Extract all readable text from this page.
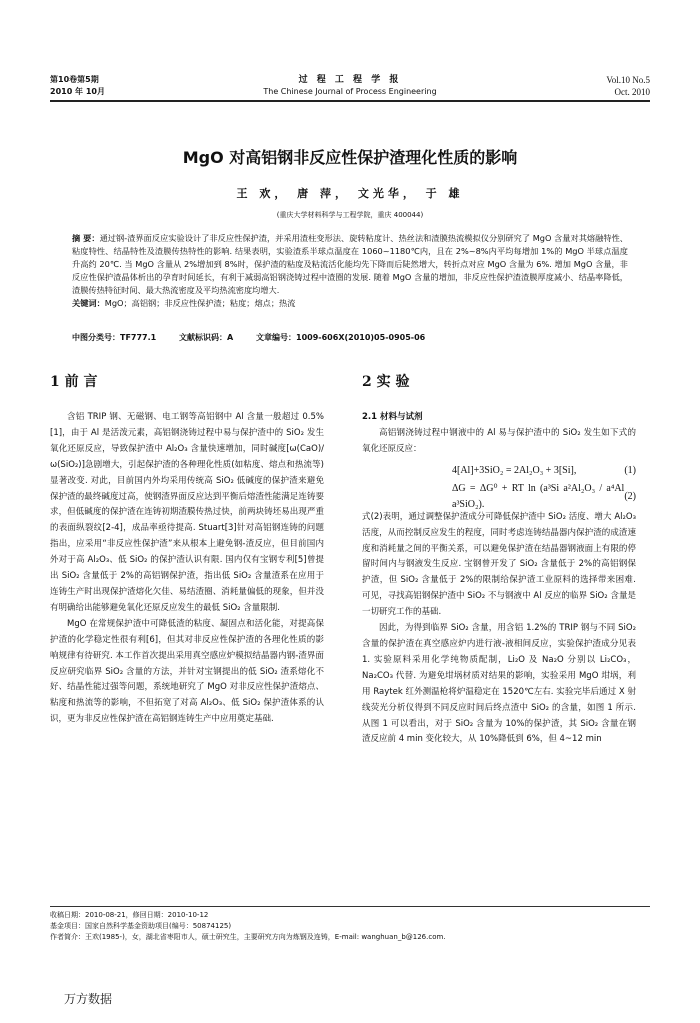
第10卷第5期
2010 年 10月
过 程 工 程 学 报
The Chinese Journal of Process Engineering
Vol.10 No.5
Oct. 2010
MgO 对高铝钢非反应性保护渣理化性质的影响
王 欢， 唐 萍， 文光华， 于 雄
(重庆大学材料科学与工程学院，重庆 400044)
摘 要：通过钢-渣界面反应实验设计了非反应性保护渣，并采用渣柱变形法、旋转粘度计、热丝法和渣膜热流模拟仪分别研究了 MgO 含量对其熔融特性、粘度特性、结晶特性及渣膜传热特性的影响. 结果表明，实验渣系半球点温度在 1060~1180℃内，且在 2%~8%内平均每增加 1%的 MgO 半球点温度升高约 20℃. 当 MgO 含量从 2%增加到 8%时，保护渣的粘度及粘流活化能均先下降而后陡然增大，转折点对应 MgO 含量为 6%. 增加 MgO 含量，非反应性保护渣晶体析出的孕育时间延长，有利于减弱高铝钢浇铸过程中渣圈的发展. 随着 MgO 含量的增加，非反应性保护渣渣膜厚度减小、结晶率降低，渣膜传热特征时间、最大热流密度及平均热流密度均增大.
关键词：MgO；高铝钢；非反应性保护渣；粘度；熔点；热流
中图分类号：TF777.1	文献标识码：A	文章编号：1009-606X(2010)05-0905-06
1 前 言

含铝 TRIP 钢、无磁钢、电工钢等高铝钢中 Al 含量一般超过 0.5%[1]，由于 Al 是活泼元素，高铝钢浇铸过程中易与保护渣中的 SiO₂ 发生氧化还原反应，导致保护渣中 Al₂O₃ 含量快速增加，同时碱度[ω(CaO)/ω(SiO₂)]急剧增大，引起保护渣的各种理化性质(如粘度、熔点和热流等)显著改变. 对此，目前国内外均采用传统高 SiO₂ 低碱度的保护渣来避免保护渣的最终碱度过高，使钢渣界面反应达到平衡后熔渣性能满足连铸要求，但低碱度的保护渣在连铸初期渣膜传热过快，前两块铸坯易出现严重的表面纵裂纹[2-4]，成品率亟待提高. Stuart[3]针对高铝钢连铸的问题指出，应采用“非反应性保护渣”来从根本上避免钢-渣反应，但目前国内外对于高 Al₂O₃、低 SiO₂ 的保护渣认识有限. 国内仅有宝钢专利[5]曾提出 SiO₂ 含量低于 2%的高铝钢保护渣，指出低 SiO₂ 含量渣系在应用于连铸生产时出现保护渣熔化欠佳、易结渣圈、消耗量偏低的现象，但并没有明确给出能够避免氧化还原反应发生的最低 SiO₂ 含量限制.

MgO 在常规保护渣中可降低渣的粘度、凝固点和活化能，对提高保护渣的化学稳定性很有利[6]，但其对非反应性保护渣的各理化性质的影响规律有待研究. 本工作首次提出采用真空感应炉模拟结晶器内钢-渣界面反应研究临界 SiO₂ 含量的方法，并针对宝钢提出的低 SiO₂ 渣系熔化不好、结晶性能过强等问题，系统地研究了 MgO 对非反应性保护渣熔点、粘度和热流等的影响，不但拓宽了对高 Al₂O₃、低 SiO₂ 保护渣体系的认识，更为非反应性保护渣在高铝钢连铸生产中应用奠定基础.

2 实 验
2.1 材料与试剂

高铝钢浇铸过程中钢液中的 Al 易与保护渣中的 SiO₂ 发生如下式的氧化还原反应：

4[Al]+3SiO₂ = 2Al₂O₃ + 3[Si],	(1)
ΔG = ΔG⁰ + RT ln (a³Si a²Al₂O₃ / a⁴Al a³SiO₂).
(2)

式(2)表明，通过调整保护渣成分可降低保护渣中 SiO₂ 活度、增大 Al₂O₃ 活度，从而控制反应发生的程度，同时考虑连铸结晶器内保护渣的成渣速度和消耗量之间的平衡关系，可以避免保护渣在结晶器钢液面上有限的停留时间内与钢液发生反应. 宝钢曾开发了 SiO₂ 含量低于 2%的高铝钢保护渣，但 SiO₂ 含量低于 2%的限制给保护渣工业原料的选择带来困难. 可见，寻找高铝钢保护渣中 SiO₂ 不与钢液中 Al 反应的临界 SiO₂ 含量是一切研究工作的基础.

因此，为得到临界 SiO₂ 含量，用含铝 1.2%的 TRIP 钢与不同 SiO₂ 含量的保护渣在真空感应炉内进行液-液相间反应，实验保护渣成分见表 1. 实验原料采用化学纯物质配制，Li₂O 及 Na₂O 分别以 Li₂CO₃，Na₂CO₃ 代替. 为避免坩埚材质对结果的影响，实验采用 MgO 坩埚，利用 Raytek 红外测温枪将炉温稳定在 1520℃左右. 实验完毕后通过 X 射线荧光分析仪得到不同反应时间后终点渣中 SiO₂ 的含量，如图 1 所示. 从图 1 可以看出，对于 SiO₂ 含量为 10%的保护渣，其 SiO₂ 含量在钢渣反应前 4 min 变化较大，从 10%降低到 6%，但 4~12 min

收稿日期：2010-08-21，修回日期：2010-10-12
基金项目：国家自然科学基金资助项目(编号：50874125)
作者简介：王欢(1985-)，女，湖北省枣阳市人，硕士研究生，主要研究方向为炼钢及连铸，E-mail: wanghuan_b@126.com.
万方数据
